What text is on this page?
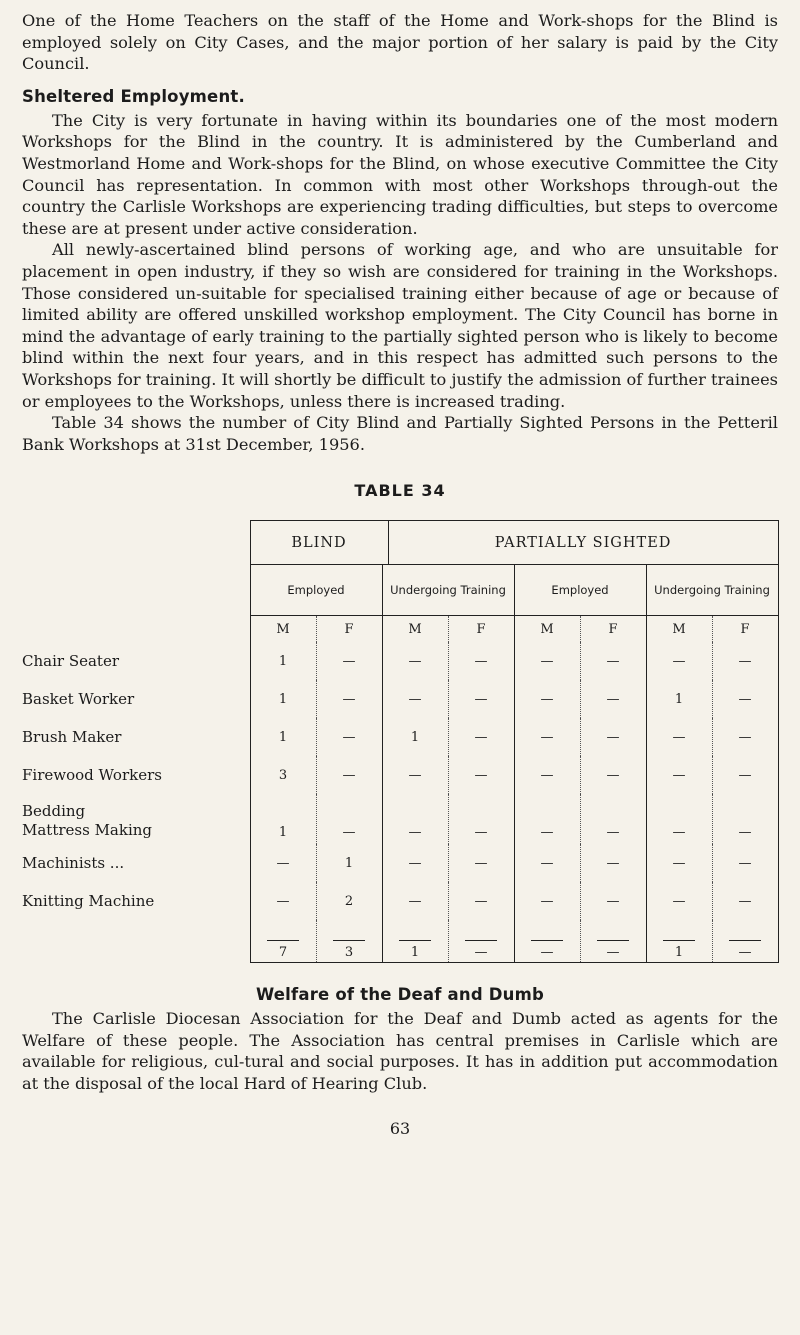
One of the Home Teachers on the staff of the Home and Work-shops for the Blind is employed solely on City Cases, and the major portion of her salary is paid by the City Council.

Sheltered Employment.

The City is very fortunate in having within its boundaries one of the most modern Workshops for the Blind in the country. It is administered by the Cumberland and Westmorland Home and Work-shops for the Blind, on whose executive Committee the City Council has representation. In common with most other Workshops through-out the country the Carlisle Workshops are experiencing trading difficulties, but steps to overcome these are at present under active consideration.

All newly-ascertained blind persons of working age, and who are unsuitable for placement in open industry, if they so wish are considered for training in the Workshops. Those considered un-suitable for specialised training either because of age or because of limited ability are offered unskilled workshop employment. The City Council has borne in mind the advantage of early training to the partially sighted person who is likely to become blind within the next four years, and in this respect has admitted such persons to the Workshops for training. It will shortly be difficult to justify the admission of further trainees or employees to the Workshops, unless there is increased trading.

Table 34 shows the number of City Blind and Partially Sighted Persons in the Petteril Bank Workshops at 31st December, 1956.

TABLE 34
	BLIND	PARTIALLY SIGHTED
	Employed		Undergoing Training		Employed		Undergoing Training	
	M	F	M	F	M	F	M	F
Chair Seater	1	—	—	—	—	—	—	—
Basket Worker	1	—	—	—	—	—	1	—
Brush Maker	1	—	1	—	—	—	—	—
Firewood Workers	3	—	—	—	—	—	—	—

Bedding
Mattress Making	1	—	—	—	—	—	—	—
Machinists ...	—	1	—	—	—	—	—	—
Knitting Machine	—	2	—	—	—	—	—	—
	7	3	1	—	—	—	1	—
Welfare of the Deaf and Dumb

The Carlisle Diocesan Association for the Deaf and Dumb acted as agents for the Welfare of these people. The Association has central premises in Carlisle which are available for religious, cul-tural and social purposes. It has in addition put accommodation at the disposal of the local Hard of Hearing Club.

63
